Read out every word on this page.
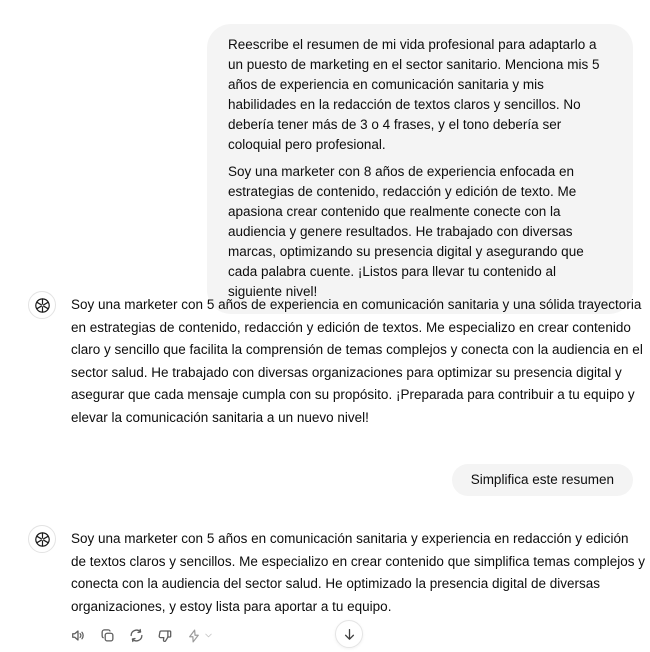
Reescribe el resumen de mi vida profesional para adaptarlo a un puesto de marketing en el sector sanitario. Menciona mis 5 años de experiencia en comunicación sanitaria y mis habilidades en la redacción de textos claros y sencillos. No debería tener más de 3 o 4 frases, y el tono debería ser coloquial pero profesional.

Soy una marketer con 8 años de experiencia enfocada en estrategias de contenido, redacción y edición de texto. Me apasiona crear contenido que realmente conecte con la audiencia y genere resultados. He trabajado con diversas marcas, optimizando su presencia digital y asegurando que cada palabra cuente. ¡Listos para llevar tu contenido al siguiente nivel!

Soy una marketer con 5 años de experiencia en comunicación sanitaria y una sólida trayectoria en estrategias de contenido, redacción y edición de textos. Me especializo en crear contenido claro y sencillo que facilita la comprensión de temas complejos y conecta con la audiencia en el sector salud. He trabajado con diversas organizaciones para optimizar su presencia digital y asegurar que cada mensaje cumpla con su propósito. ¡Preparada para contribuir a tu equipo y elevar la comunicación sanitaria a un nuevo nivel!
Simplifica este resumen
Soy una marketer con 5 años en comunicación sanitaria y experiencia en redacción y edición de textos claros y sencillos. Me especializo en crear contenido que simplifica temas complejos y conecta con la audiencia del sector salud. He optimizado la presencia digital de diversas organizaciones, y estoy lista para aportar a tu equipo.
